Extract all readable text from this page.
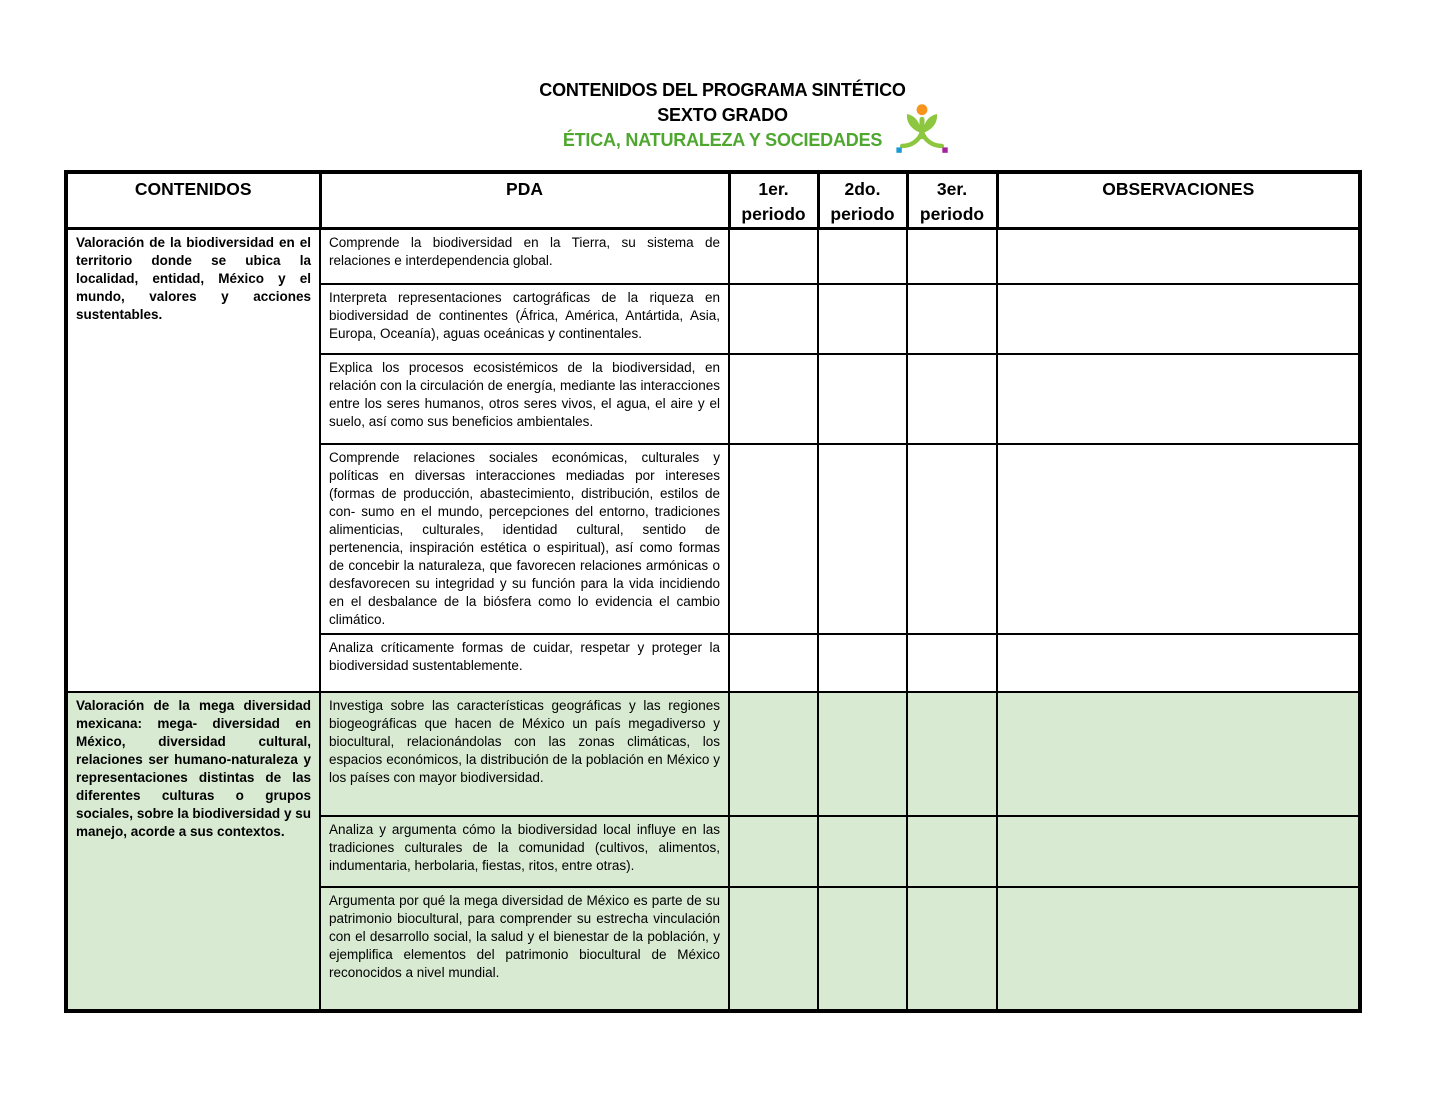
CONTENIDOS DEL PROGRAMA SINTÉTICO
SEXTO GRADO
ÉTICA, NATURALEZA Y SOCIEDADES
CONTENIDOS	PDA	1er. periodo	2do. periodo	3er. periodo	OBSERVACIONES
Valoración de la biodiversidad en el territorio donde se ubica la localidad, entidad, México y el mundo, valores y acciones sustentables.	Comprende la biodiversidad en la Tierra, su sistema de relaciones e interdependencia global.				
	Interpreta representaciones cartográficas de la riqueza en biodiversidad de continentes (África, América, Antártida, Asia, Europa, Oceanía), aguas oceánicas y continentales.				
	Explica los procesos ecosistémicos de la biodiversidad, en relación con la circulación de energía, mediante las interacciones entre los seres humanos, otros seres vivos, el agua, el aire y el suelo, así como sus beneficios ambientales.				
	Comprende relaciones sociales económicas, culturales y políticas en diversas interacciones mediadas por intereses (formas de producción, abastecimiento, distribución, estilos de con- sumo en el mundo, percepciones del entorno, tradiciones alimenticias, culturales, identidad cultural, sentido de pertenencia, inspiración estética o espiritual), así como formas de concebir la naturaleza, que favorecen relaciones armónicas o desfavorecen su integridad y su función para la vida incidiendo en el desbalance de la biósfera como lo evidencia el cambio climático.				
	Analiza críticamente formas de cuidar, respetar y proteger la biodiversidad sustentablemente.				
Valoración de la mega diversidad mexicana: mega- diversidad en México, diversidad cultural, relaciones ser humano-naturaleza y representaciones distintas de las diferentes culturas o grupos sociales, sobre la biodiversidad y su manejo, acorde a sus contextos.	Investiga sobre las características geográficas y las regiones biogeográficas que hacen de México un país megadiverso y biocultural, relacionándolas con las zonas climáticas, los espacios económicos, la distribución de la población en México y los países con mayor biodiversidad.				
	Analiza y argumenta cómo la biodiversidad local influye en las tradiciones culturales de la comunidad (cultivos, alimentos, indumentaria, herbolaria, fiestas, ritos, entre otras).				
	Argumenta por qué la mega diversidad de México es parte de su patrimonio biocultural, para comprender su estrecha vinculación con el desarrollo social, la salud y el bienestar de la población, y ejemplifica elementos del patrimonio biocultural de México reconocidos a nivel mundial.				
